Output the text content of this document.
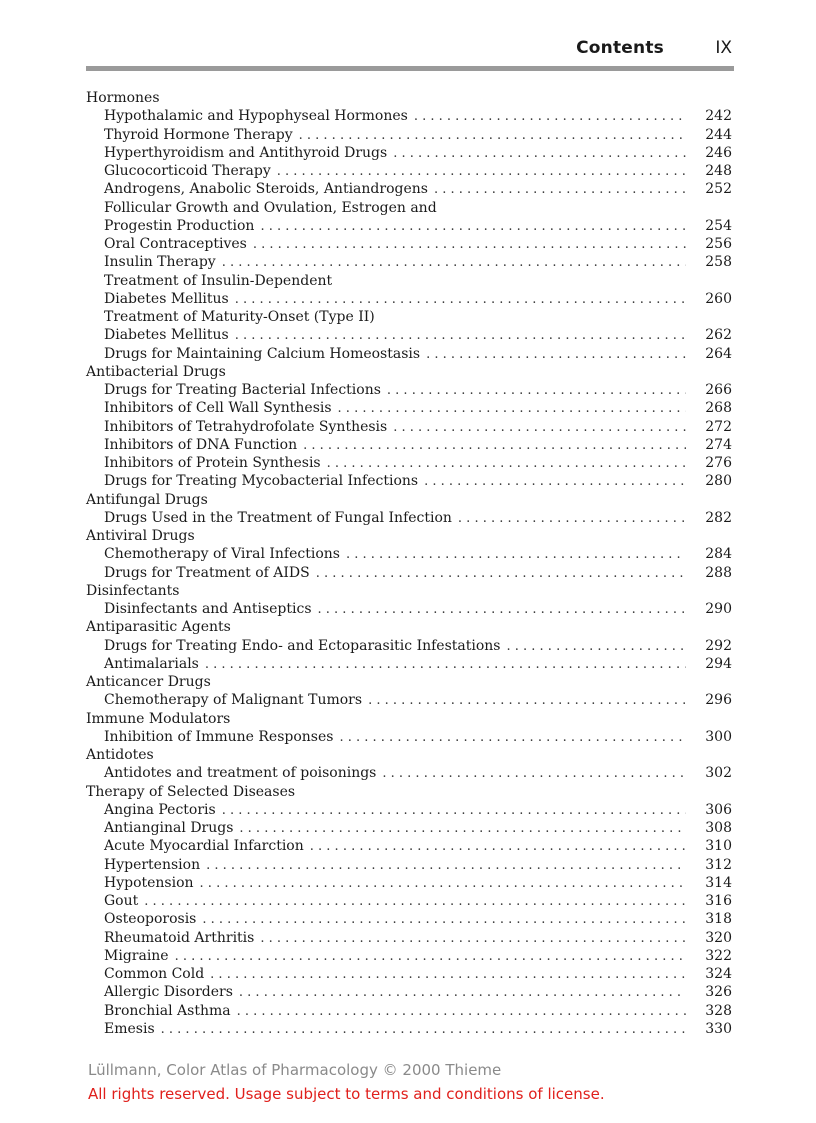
Contents	IX
Hormones
Hypothalamic and Hypophyseal Hormones . . .	242
Thyroid Hormone Therapy . . .	244
Hyperthyroidism and Antithyroid Drugs . . .	246
Glucocorticoid Therapy . . .	248
Androgens, Anabolic Steroids, Antiandrogens . . .	252
Follicular Growth and Ovulation, Estrogen and
Progestin Production . . .	254
Oral Contraceptives . . .	256
Insulin Therapy . . .	258
Treatment of Insulin-Dependent
Diabetes Mellitus . . .	260
Treatment of Maturity-Onset (Type II)
Diabetes Mellitus . . .	262
Drugs for Maintaining Calcium Homeostasis . . .	264
Antibacterial Drugs
Drugs for Treating Bacterial Infections . . .	266
Inhibitors of Cell Wall Synthesis . . .	268
Inhibitors of Tetrahydrofolate Synthesis . . .	272
Inhibitors of DNA Function . . .	274
Inhibitors of Protein Synthesis . . .	276
Drugs for Treating Mycobacterial Infections . . .	280
Antifungal Drugs
Drugs Used in the Treatment of Fungal Infection . . .	282
Antiviral Drugs
Chemotherapy of Viral Infections . . .	284
Drugs for Treatment of AIDS . . .	288
Disinfectants
Disinfectants and Antiseptics . . .	290
Antiparasitic Agents
Drugs for Treating Endo- and Ectoparasitic Infestations . . .	292
Antimalarials . . .	294
Anticancer Drugs
Chemotherapy of Malignant Tumors . . .	296
Immune Modulators
Inhibition of Immune Responses . . .	300
Antidotes
Antidotes and treatment of poisonings . . .	302
Therapy of Selected Diseases
Angina Pectoris . . .	306
Antianginal Drugs . . .	308
Acute Myocardial Infarction . . .	310
Hypertension . . .	312
Hypotension . . .	314
Gout . . .	316
Osteoporosis . . .	318
Rheumatoid Arthritis . . .	320
Migraine . . .	322
Common Cold . . .	324
Allergic Disorders . . .	326
Bronchial Asthma . . .	328
Emesis . . .	330
Lüllmann, Color Atlas of Pharmacology © 2000 Thieme
All rights reserved. Usage subject to terms and conditions of license.
